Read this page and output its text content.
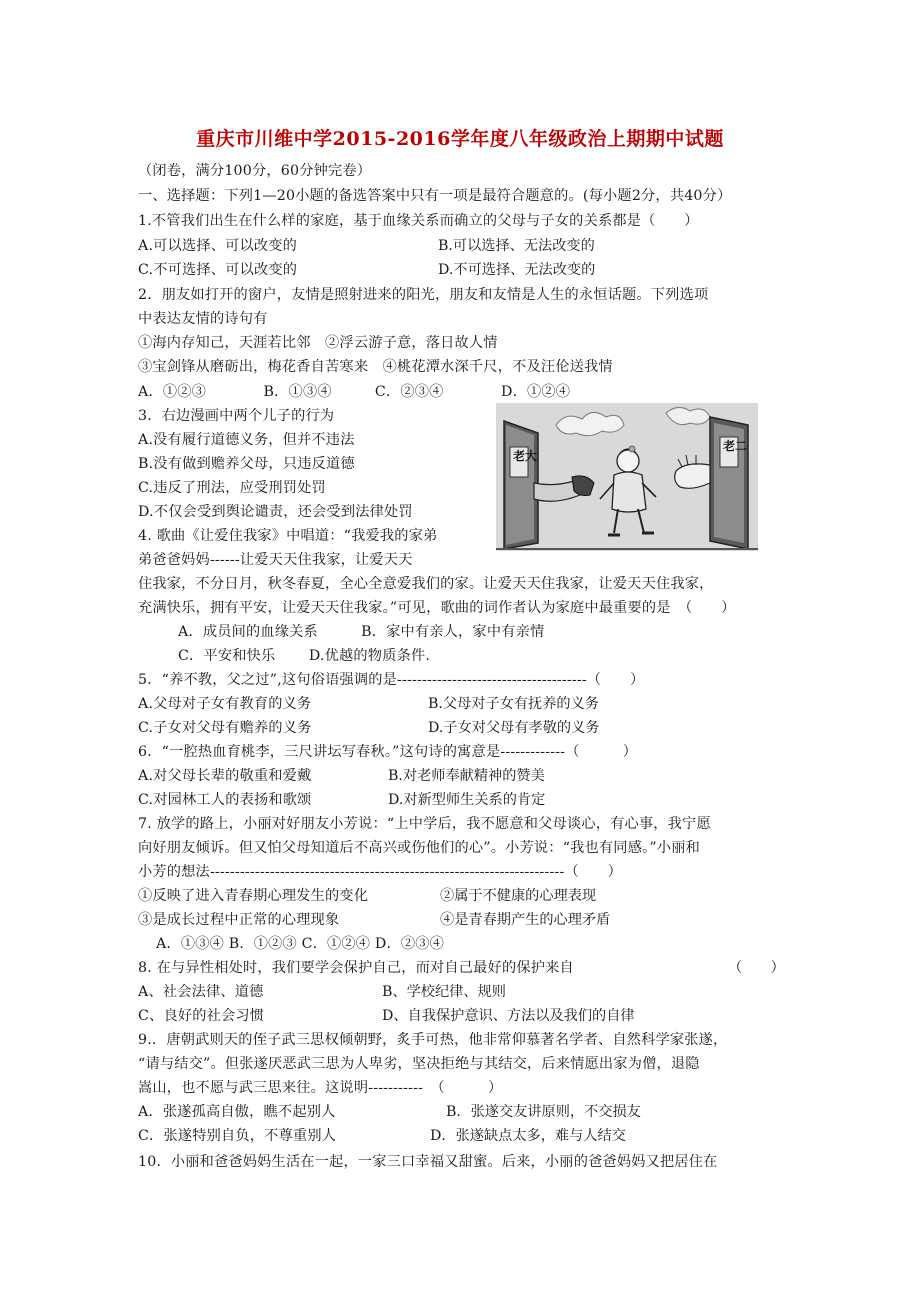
重庆市川维中学2015-2016学年度八年级政治上期期中试题
（闭卷，满分100分，60分钟完卷）
一、选择题：下列1—20小题的备选答案中只有一项是最符合题意的。(每小题2分，共40分）
1.不管我们出生在什么样的家庭，基于血缘关系而确立的父母与子女的关系都是（　　）
A.可以选择、可以改变的	B.可以选择、无法改变的
C.不可选择、可以改变的	D.不可选择、无法改变的
2．朋友如打开的窗户，友情是照射进来的阳光，朋友和友情是人生的永恒话题。下列选项
中表达友情的诗句有
①海内存知己，天涯若比邻　②浮云游子意，落日故人情
③宝剑锋从磨砺出，梅花香自苦寒来　④桃花潭水深千尺，不及汪伦送我情
A．①②③　　　　B．①③④　　　C．②③④　　　　D．①②④
3．右边漫画中两个儿子的行为
A.没有履行道德义务，但并不违法
B.没有做到赡养父母，只违反道德
C.违反了刑法，应受刑罚处罚
D.不仅会受到舆论谴责，还会受到法律处罚
老大
老二
4. 歌曲《让爱住我家》中唱道：“我爱我的家弟
弟爸爸妈妈------让爱天天住我家，让爱天天
住我家，不分日月，秋冬春夏，全心全意爱我们的家。让爱天天住我家，让爱天天住我家，
充满快乐，拥有平安，让爱天天住我家。”可见，歌曲的词作者认为家庭中最重要的是　（　　）
A．成员间的血缘关系　　　B．家中有亲人，家中有亲情
C．平安和快乐　　 D.优越的物质条件.
5．“养不教，父之过”,这句俗语强调的是--------------------------------------（　　）
A.父母对子女有教育的义务	B.父母对子女有抚养的义务
C.子女对父母有赡养的义务	D.子女对父母有孝敬的义务
6．“一腔热血育桃李，三尺讲坛写春秋。”这句诗的寓意是-------------（　　　）
A.对父母长辈的敬重和爱戴	B.对老师奉献精神的赞美
C.对园林工人的表扬和歌颂	D.对新型师生关系的肯定
7. 放学的路上，小丽对好朋友小芳说：“上中学后，我不愿意和父母谈心，有心事，我宁愿
向好朋友倾诉。但又怕父母知道后不高兴或伤他们的心”。小芳说：“我也有同感。”小丽和
小芳的想法-----------------------------------------------------------------------（　　）
①反映了进入青春期心理发生的变化	②属于不健康的心理表现
③是成长过程中正常的心理现象	④是青春期产生的心理矛盾
A．①③④ B．①②③ C．①②④ D．②③④
8. 在与异性相处时，我们要学会保护自己，而对自己最好的保护来自	（　　）
A、社会法律、道德	B、学校纪律、规则
C、良好的社会习惯	D、自我保护意识、方法以及我们的自律
9.．唐朝武则天的侄子武三思权倾朝野，炙手可热，他非常仰慕著名学者、自然科学家张遂，
“请与结交”。但张遂厌恶武三思为人卑劣，坚决拒绝与其结交，后来情愿出家为僧，退隐
嵩山，也不愿与武三思来往。这说明-----------　（　　　）
A．张遂孤高自傲，瞧不起别人	B．张遂交友讲原则，不交损友
C．张遂特别自负，不尊重别人	D．张遂缺点太多，难与人结交
10．小丽和爸爸妈妈生活在一起，一家三口幸福又甜蜜。后来，小丽的爸爸妈妈又把居住在
